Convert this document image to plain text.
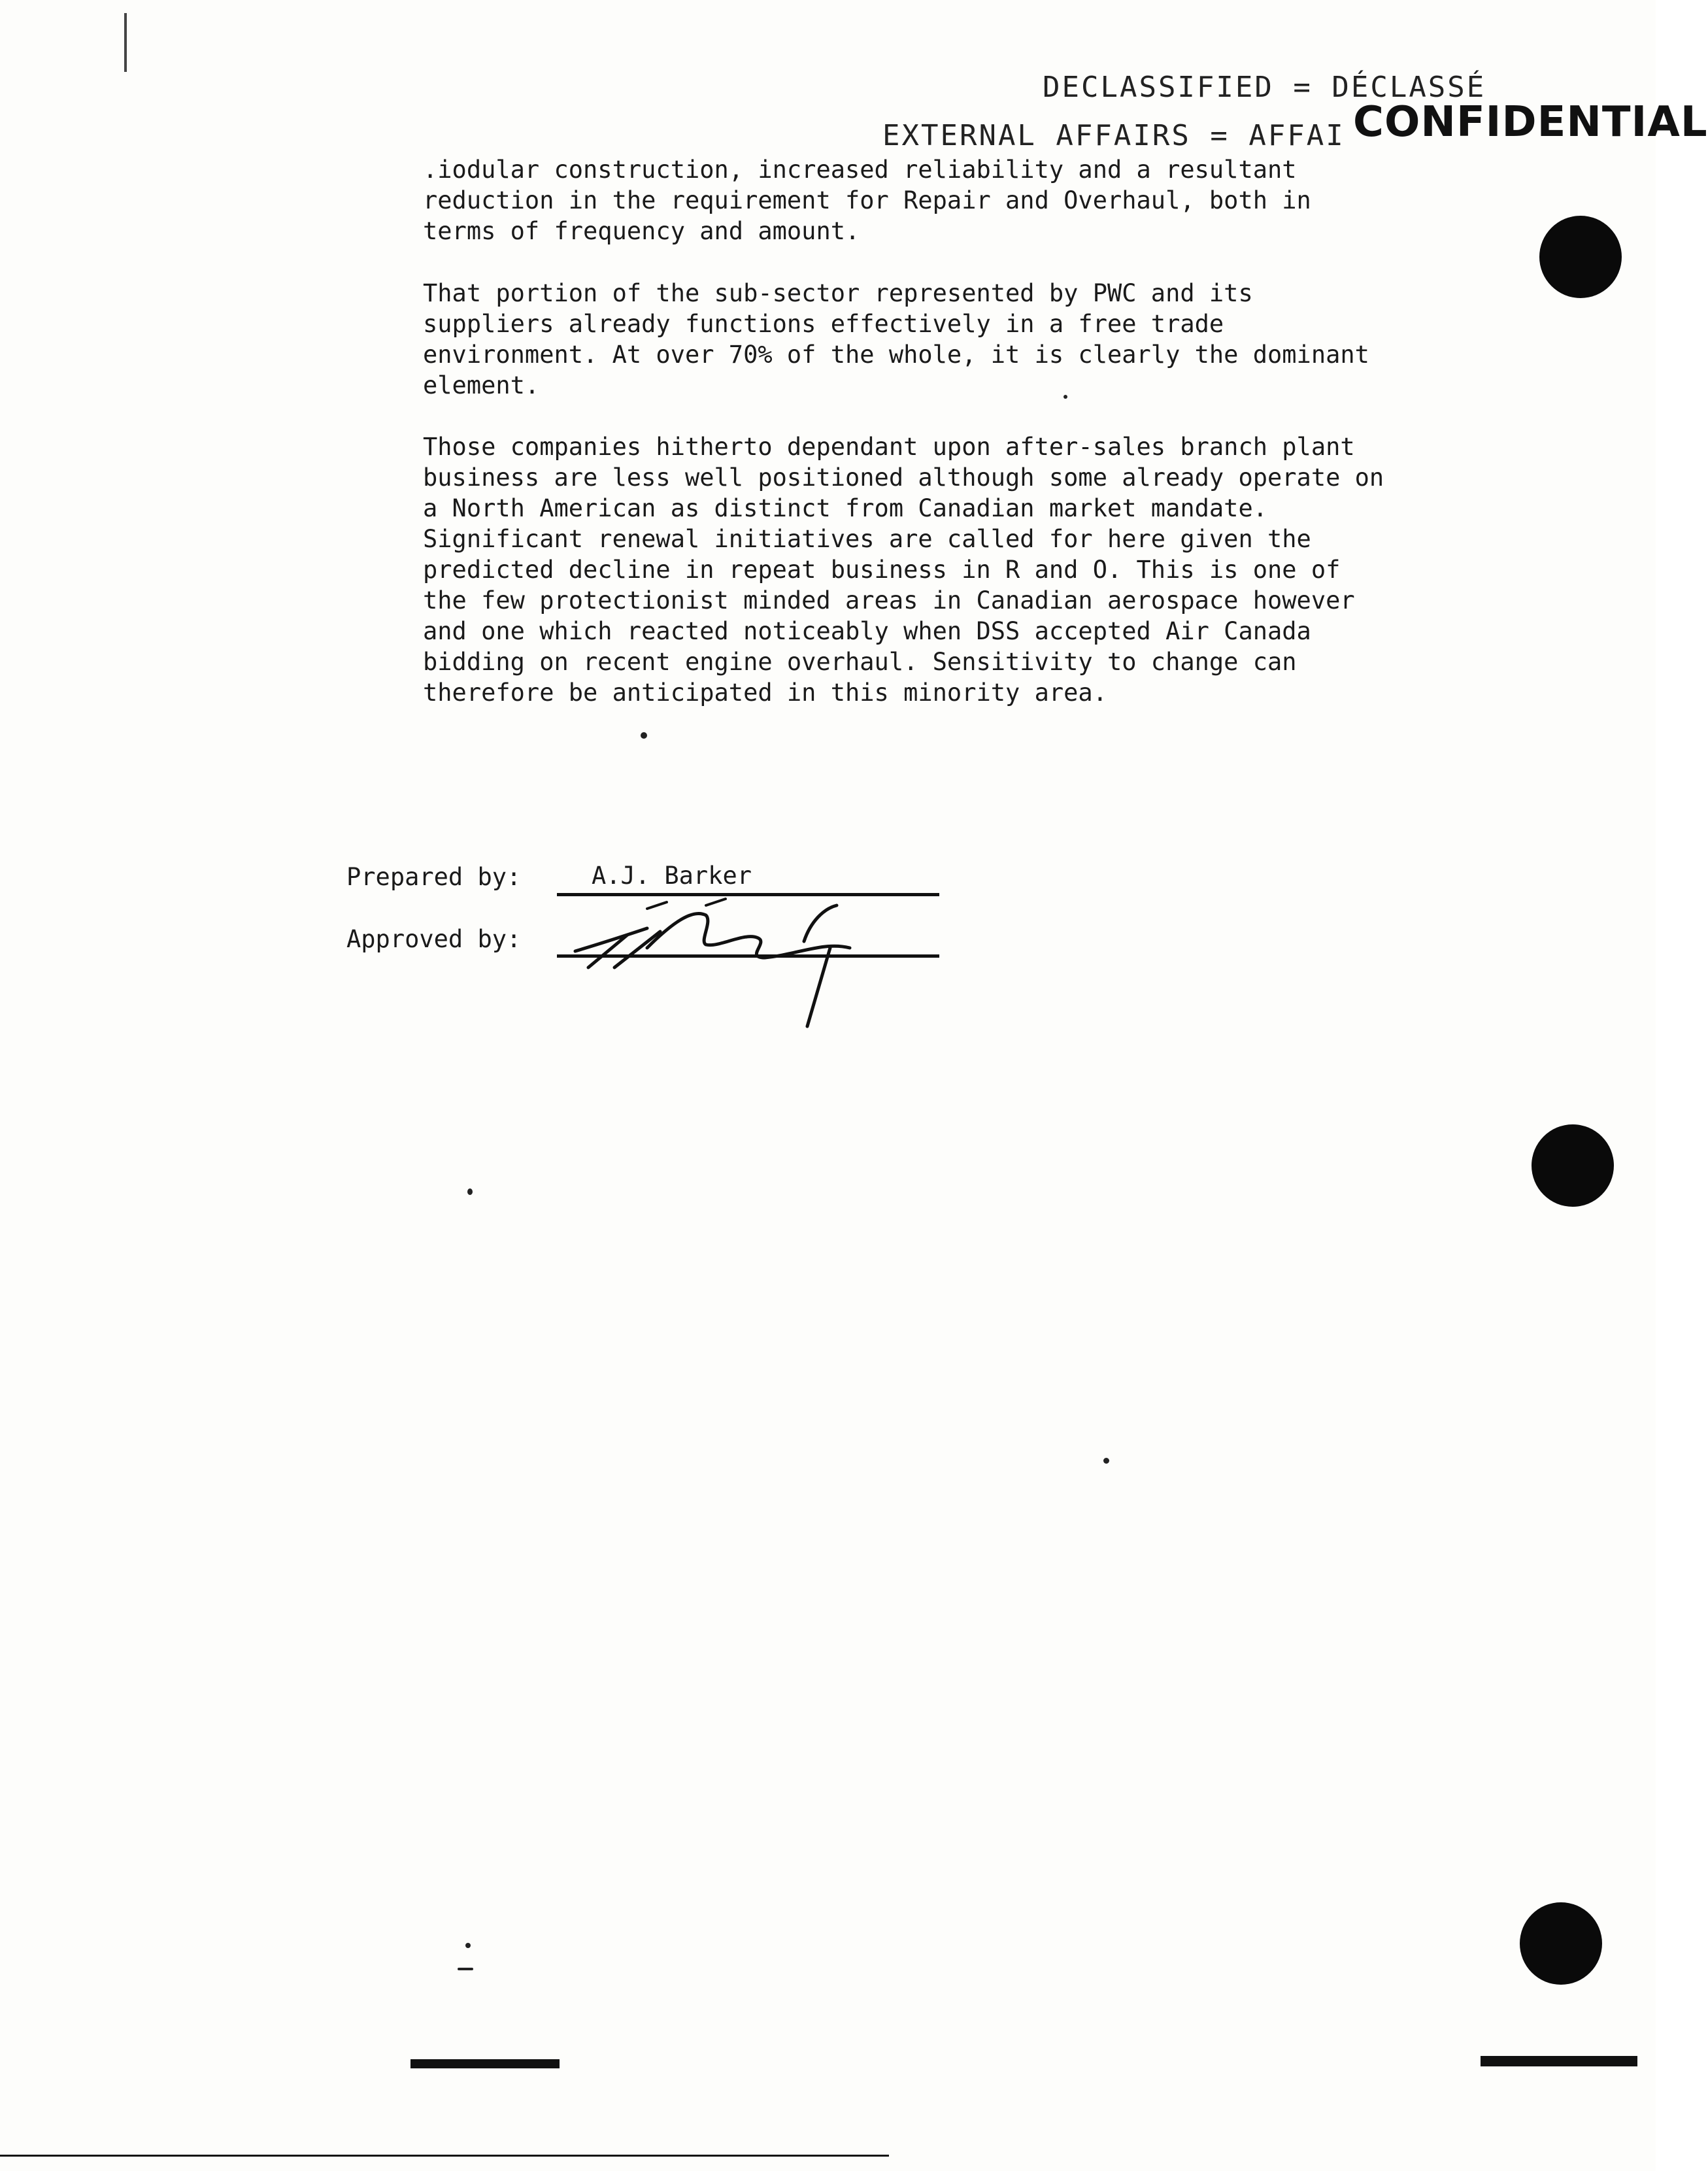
DECLASSIFIED = DÉCLASSÉ
EXTERNAL AFFAIRS = AFFAI CONFIDENTIAL

.iodular construction, increased reliability and a resultant
reduction in the requirement for Repair and Overhaul, both in
terms of frequency and amount.

That portion of the sub-sector represented by PWC and its
suppliers already functions effectively in a free trade
environment. At over 70% of the whole, it is clearly the dominant
element.

Those companies hitherto dependant upon after-sales branch plant
business are less well positioned although some already operate on
a North American as distinct from Canadian market mandate.
Significant renewal initiatives are called for here given the
predicted decline in repeat business in R and O. This is one of
the few protectionist minded areas in Canadian aerospace however
and one which reacted noticeably when DSS accepted Air Canada
bidding on recent engine overhaul. Sensitivity to change can
therefore be anticipated in this minority area.

Prepared by:	A.J. Barker
Approved by:
